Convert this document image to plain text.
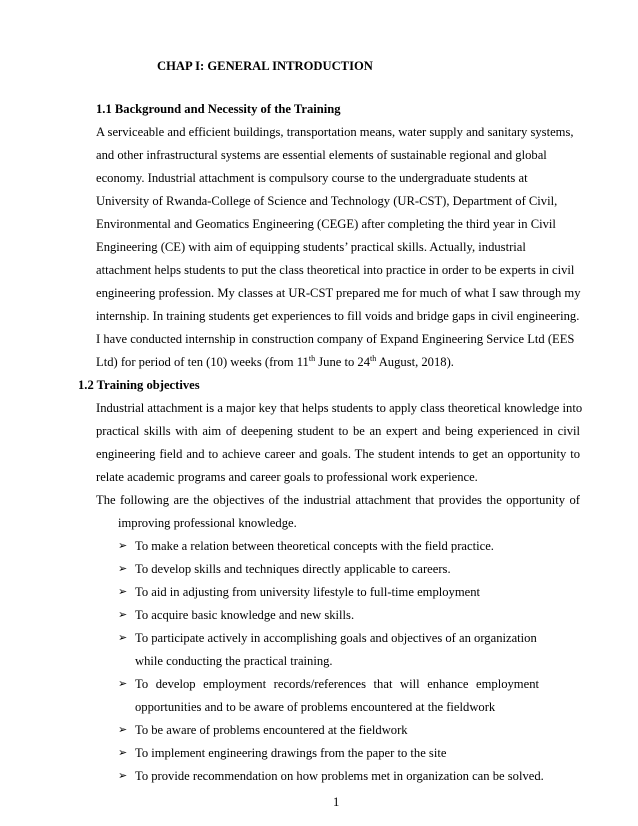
CHAP I: GENERAL INTRODUCTION
1.1 Background and Necessity of the Training
A serviceable and efficient buildings, transportation means, water supply and sanitary systems,
and other infrastructural systems are essential elements of sustainable regional and global
economy. Industrial attachment is compulsory course to the undergraduate students at
University of Rwanda-College of Science and Technology (UR-CST), Department of Civil,
Environmental and Geomatics Engineering (CEGE) after completing the third year in Civil
Engineering (CE) with aim of equipping students’ practical skills. Actually, industrial
attachment helps students to put the class theoretical into practice in order to be experts in civil
engineering profession. My classes at UR-CST prepared me for much of what I saw through my
internship. In training students get experiences to fill voids and bridge gaps in civil engineering.
I have conducted internship in construction company of Expand Engineering Service Ltd (EES
Ltd) for period of ten (10) weeks (from 11th June to 24th August, 2018).
1.2 Training objectives
Industrial attachment is a major key that helps students to apply class theoretical knowledge into
practical skills with aim of deepening student to be an expert and being experienced in civil
engineering field and to achieve career and goals. The student intends to get an opportunity to
relate academic programs and career goals to professional work experience.
The following are the objectives of the industrial attachment that provides the opportunity of
improving professional knowledge.
➢ To make a relation between theoretical concepts with the field practice.
➢ To develop skills and techniques directly applicable to careers.
➢ To aid in adjusting from university lifestyle to full-time employment
➢ To acquire basic knowledge and new skills.
➢ To participate actively in accomplishing goals and objectives of an organization
while conducting the practical training.
➢ To develop employment records/references that will enhance employment
opportunities and to be aware of problems encountered at the fieldwork
➢ To be aware of problems encountered at the fieldwork
➢ To implement engineering drawings from the paper to the site
➢ To provide recommendation on how problems met in organization can be solved.
1
